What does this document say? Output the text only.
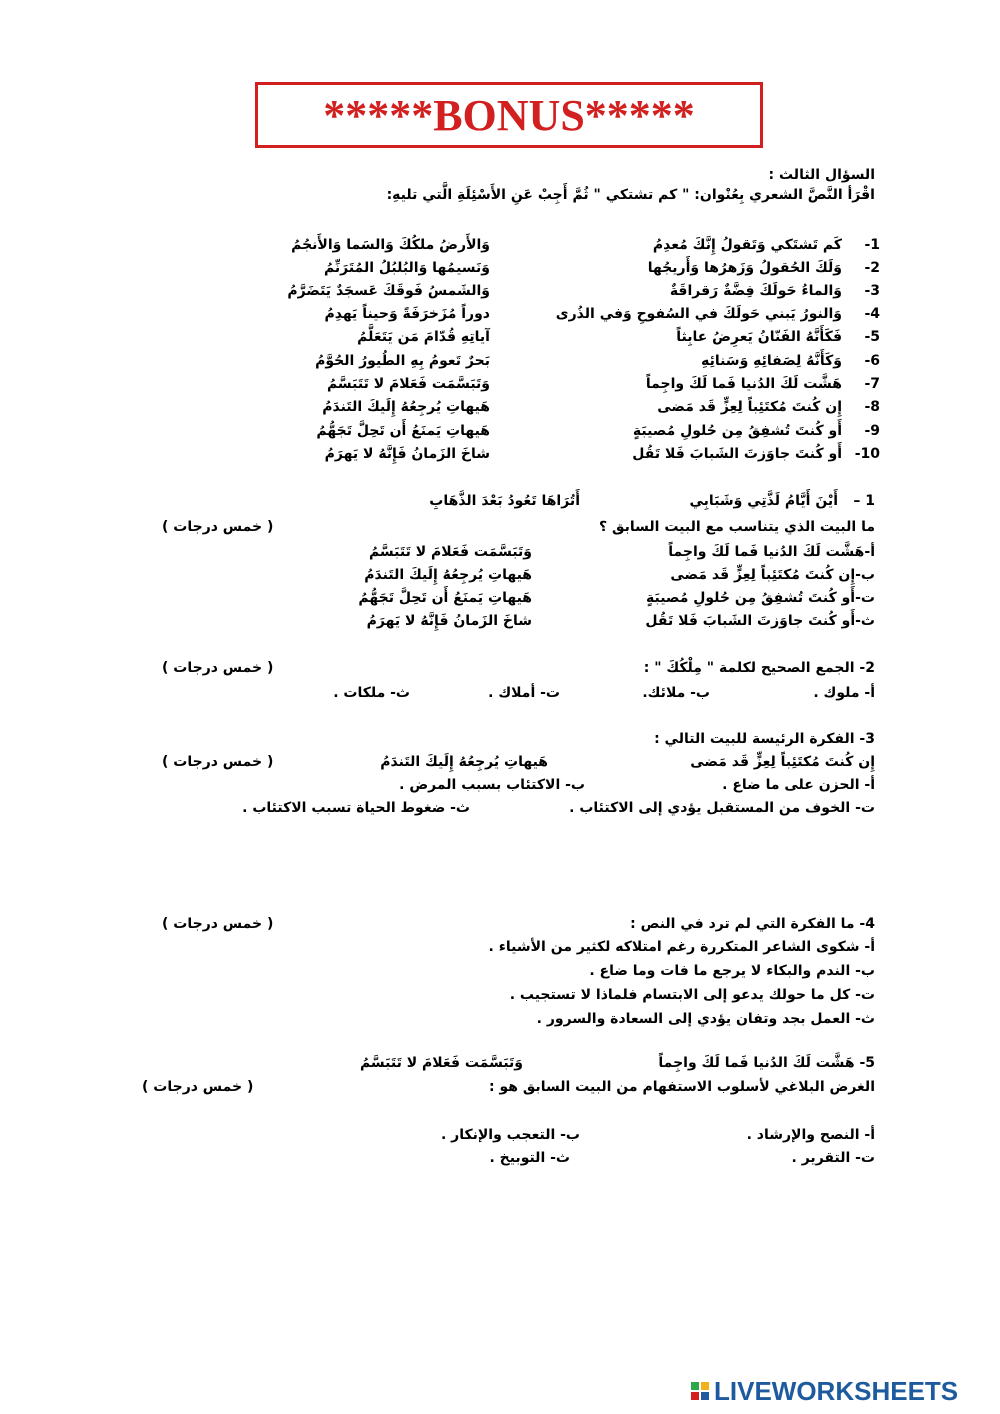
*****BONUS*****
السؤال الثالث :
اقْرَأ النَّصَّ الشعري بِعُنْوان: " كم تشتكي " ثُمَّ أَجِبْ عَنِ الأَسْئِلَةِ الَّتي تليهِ:
1-
كَم تَشتَكي وَتَقولُ إِنَّكَ مُعدِمُ
وَالأَرضُ ملكُكَ وَالسَما وَالأَنجُمُ
2-
وَلَكَ الحُقولُ وَزَهرُها وَأَريجُها
وَنَسيمُها وَالبُلبُلُ المُتَرَنِّمُ
3-
وَالماءُ حَولَكَ فِضَّةٌ رَقراقَةٌ
وَالشَمسُ فَوقَكَ عَسجَدٌ يَتَضَرَّمُ
4-
وَالنورُ يَبني حَولَكَ في السُفوحِ وَفي الذُرى
دوراً مُزَخرَفَةً وَحيناً يَهدِمُ
5-
فَكَأَنَّهُ الفَنّانُ يَعرِضُ عابِثاً
آياتِهِ قُدّامَ مَن يَتَعَلَّمُ
6-
وَكَأَنَّهُ لِصَفائِهِ وَسَنائِهِ
بَحرٌ تَعومُ بِهِ الطُيورُ الحُوَّمُ
7-
هَشَّت لَكَ الدُنيا فَما لَكَ واجِماً
وَتَبَسَّمَت فَعَلامَ لا تَتَبَسَّمُ
8-
إِن كُنتَ مُكتَئِباً لِعِزٍّ قَد مَضى
هَيهاتِ يُرجِعُهُ إِلَيكَ التَندَمُ
9-
أَو كُنتَ تُشفِقُ مِن حُلولِ مُصيبَةٍ
هَيهاتِ يَمنَعُ أَن تَحِلَّ تَجَهُّمُ
10-
أَو كُنتَ جاوَزتَ الشَبابَ فَلا تَقُل
شاخَ الزَمانُ فَإِنَّهُ لا يَهرَمُ
1 –
أَيْنَ أَيَّامُ لَذَّتِي وَشَبَابِي
أَتُرَاهَا تَعُودُ بَعْدَ الذَّهَابِ
ما البيت الذي يتناسب مع البيت السابق ؟
( خمس درجات )
أ-هَشَّت لَكَ الدُنيا فَما لَكَ واجِماً
وَتَبَسَّمَت فَعَلامَ لا تَتَبَسَّمُ
ب-إِن كُنتَ مُكتَئِباً لِعِزٍّ قَد مَضى
هَيهاتِ يُرجِعُهُ إِلَيكَ التَندَمُ
ت-أَو كُنتَ تُشفِقُ مِن حُلولِ مُصيبَةٍ
هَيهاتِ يَمنَعُ أَن تَحِلَّ تَجَهُّمُ
ث-أَو كُنتَ جاوَزتَ الشَبابَ فَلا تَقُل
شاخَ الزَمانُ فَإِنَّهُ لا يَهرَمُ
2- الجمع الصحيح لكلمة " مِلْكُكَ " :
( خمس درجات )
أ- ملوك .
ب- ملائك.
ت- أملاك .
ث- ملكات .
3- الفكرة الرئيسة للبيت التالي :
إِن كُنتَ مُكتَئِباً لِعِزٍّ قَد مَضى
هَيهاتِ يُرجِعُهُ إِلَيكَ التَندَمُ
( خمس درجات )
أ- الحزن على ما ضاع .
ب- الاكتئاب بسبب المرض .
ت- الخوف من المستقبل يؤدي إلى الاكتئاب .
ث- ضغوط الحياة تسبب الاكتئاب .
4- ما الفكرة التي لم ترد في النص :
( خمس درجات )
أ- شكوى الشاعر المتكررة رغم امتلاكه لكثير من الأشياء .
ب- الندم والبكاء لا يرجع ما فات وما ضاع .
ت- كل ما حولك يدعو إلى الابتسام فلماذا لا تستجيب .
ث- العمل بجد وتفان يؤدي إلى السعادة والسرور .
5- هَشَّت لَكَ الدُنيا فَما لَكَ واجِماً
وَتَبَسَّمَت فَعَلامَ لا تَتَبَسَّمُ
الغرض البلاغي لأسلوب الاستفهام من البيت السابق هو :
( خمس درجات )
أ- النصح والإرشاد .
ب- التعجب والإنكار .
ت- التقرير .
ث- التوبيخ .
LIVEWORKSHEETS
